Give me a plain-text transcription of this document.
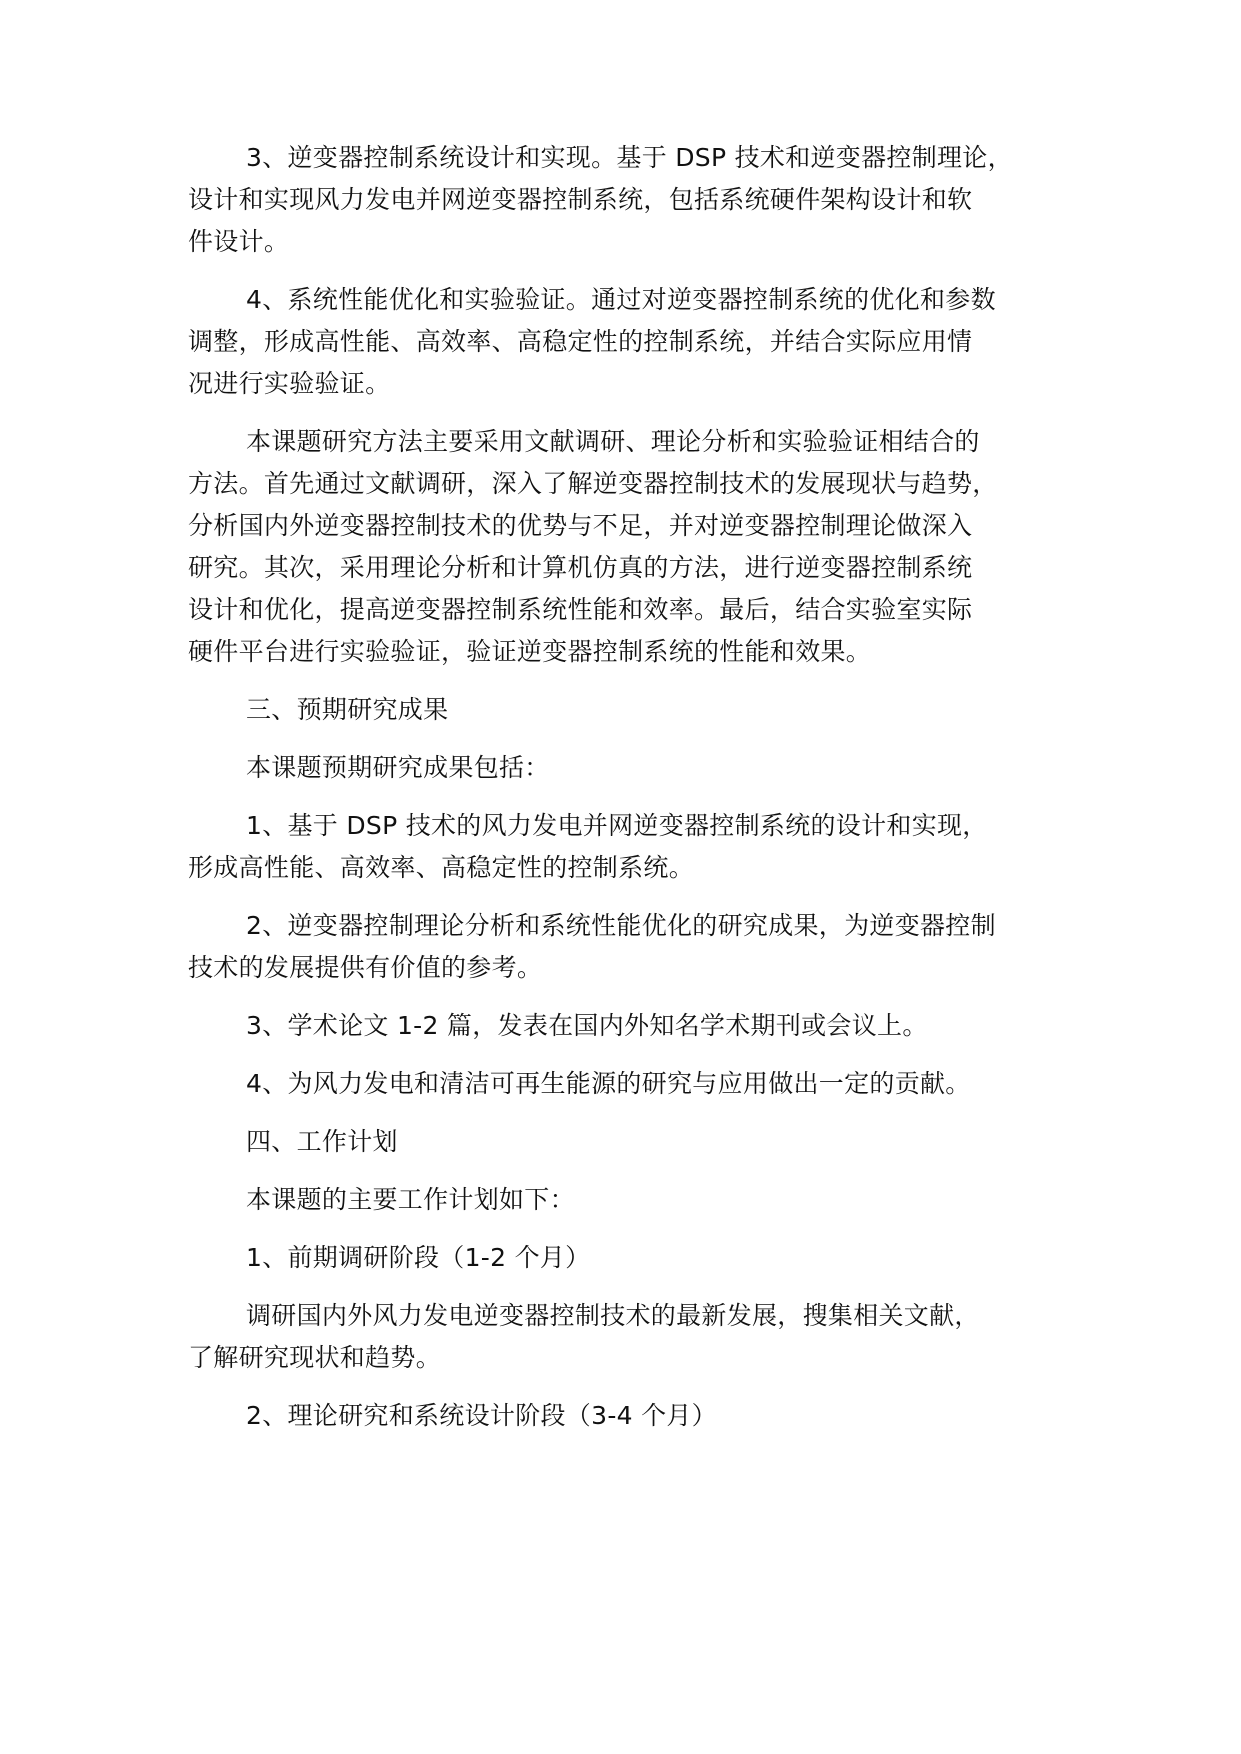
3、逆变器控制系统设计和实现。基于 DSP 技术和逆变器控制理论，
设计和实现风力发电并网逆变器控制系统，包括系统硬件架构设计和软
件设计。
4、系统性能优化和实验验证。通过对逆变器控制系统的优化和参数
调整，形成高性能、高效率、高稳定性的控制系统，并结合实际应用情
况进行实验验证。
本课题研究方法主要采用文献调研、理论分析和实验验证相结合的
方法。首先通过文献调研，深入了解逆变器控制技术的发展现状与趋势，
分析国内外逆变器控制技术的优势与不足，并对逆变器控制理论做深入
研究。其次，采用理论分析和计算机仿真的方法，进行逆变器控制系统
设计和优化，提高逆变器控制系统性能和效率。最后，结合实验室实际
硬件平台进行实验验证，验证逆变器控制系统的性能和效果。
三、预期研究成果
本课题预期研究成果包括：
1、基于 DSP 技术的风力发电并网逆变器控制系统的设计和实现，
形成高性能、高效率、高稳定性的控制系统。
2、逆变器控制理论分析和系统性能优化的研究成果，为逆变器控制
技术的发展提供有价值的参考。
3、学术论文 1-2 篇，发表在国内外知名学术期刊或会议上。
4、为风力发电和清洁可再生能源的研究与应用做出一定的贡献。
四、工作计划
本课题的主要工作计划如下：
1、前期调研阶段（1-2 个月）
调研国内外风力发电逆变器控制技术的最新发展，搜集相关文献，
了解研究现状和趋势。
2、理论研究和系统设计阶段（3-4 个月）
